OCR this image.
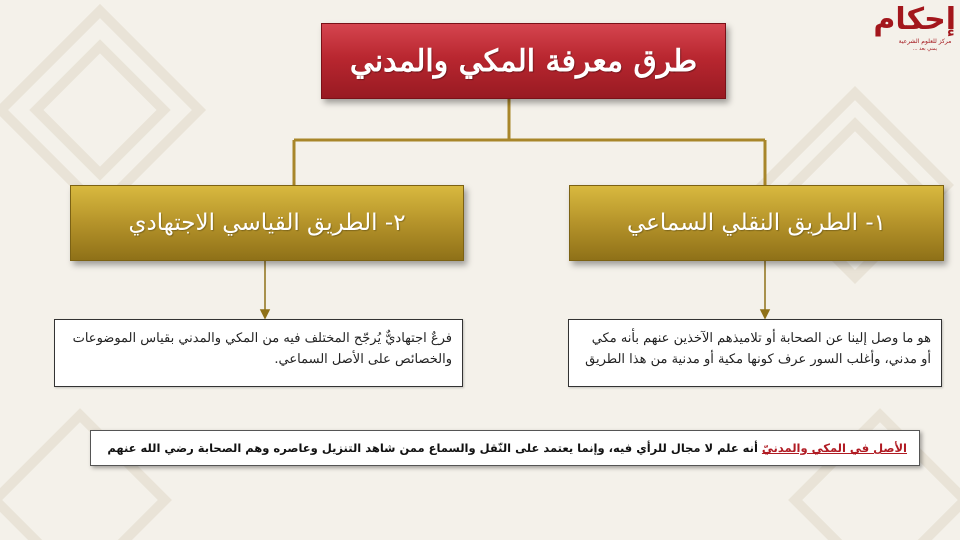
إحكام
مركز للعلوم الشرعية
يمني بعد ...
طرق معرفة المكي والمدني
١- الطريق النقلي السماعي
٢- الطريق القياسي الاجتهادي
هو ما وصل إلينا عن الصحابة أو تلاميذهم الآخذين عنهم بأنه مكي أو مدني، وأغلب السور عرف كونها مكية أو مدنية من هذا الطريق
فرعٌ اجتهاديٌّ يُرجّح المختلف فيه من المكي والمدني بقياس الموضوعات والخصائص على الأصل السماعي.
الأصل في المكي والمدنيّ
أنه علم لا مجال للرأي فيه، وإنما يعتمد على النّقل والسماع ممن شاهد التنزيل وعاصره وهم الصحابة رضي الله عنهم
